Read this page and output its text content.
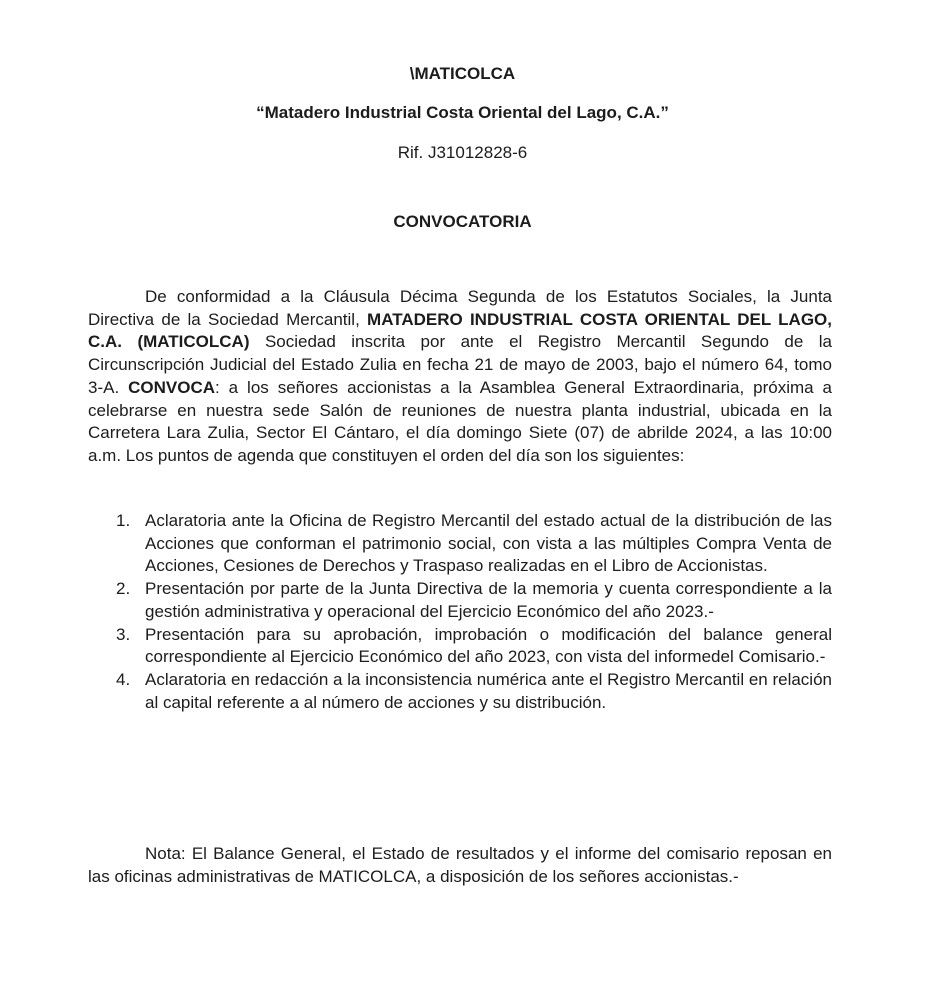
\MATICOLCA
“Matadero Industrial Costa Oriental del Lago, C.A.”
Rif. J31012828-6
CONVOCATORIA

De conformidad a la Cláusula Décima Segunda de los Estatutos Sociales, la Junta Directiva de la Sociedad Mercantil, MATADERO INDUSTRIAL COSTA ORIENTAL DEL LAGO, C.A. (MATICOLCA) Sociedad inscrita por ante el Registro Mercantil Segundo de la Circunscripción Judicial del Estado Zulia en fecha 21 de mayo de 2003, bajo el número 64, tomo 3-A. CONVOCA: a los señores accionistas a la Asamblea General Extraordinaria, próxima a celebrarse en nuestra sede Salón de reuniones de nuestra planta industrial, ubicada en la Carretera Lara Zulia, Sector El Cántaro, el día domingo Siete (07) de abrilde 2024, a las 10:00 a.m. Los puntos de agenda que constituyen el orden del día son los siguientes:

1. Aclaratoria ante la Oficina de Registro Mercantil del estado actual de la distribución de las Acciones que conforman el patrimonio social, con vista a las múltiples Compra Venta de Acciones, Cesiones de Derechos y Traspaso realizadas en el Libro de Accionistas.
2. Presentación por parte de la Junta Directiva de la memoria y cuenta correspondiente a la gestión administrativa y operacional del Ejercicio Económico del año 2023.-
3. Presentación para su aprobación, improbación o modificación del balance general correspondiente al Ejercicio Económico del año 2023, con vista del informedel Comisario.-
4. Aclaratoria en redacción a la inconsistencia numérica ante el Registro Mercantil en relación al capital referente a al número de acciones y su distribución.

Nota: El Balance General, el Estado de resultados y el informe del comisario reposan en las oficinas administrativas de MATICOLCA, a disposición de los señores accionistas.-
